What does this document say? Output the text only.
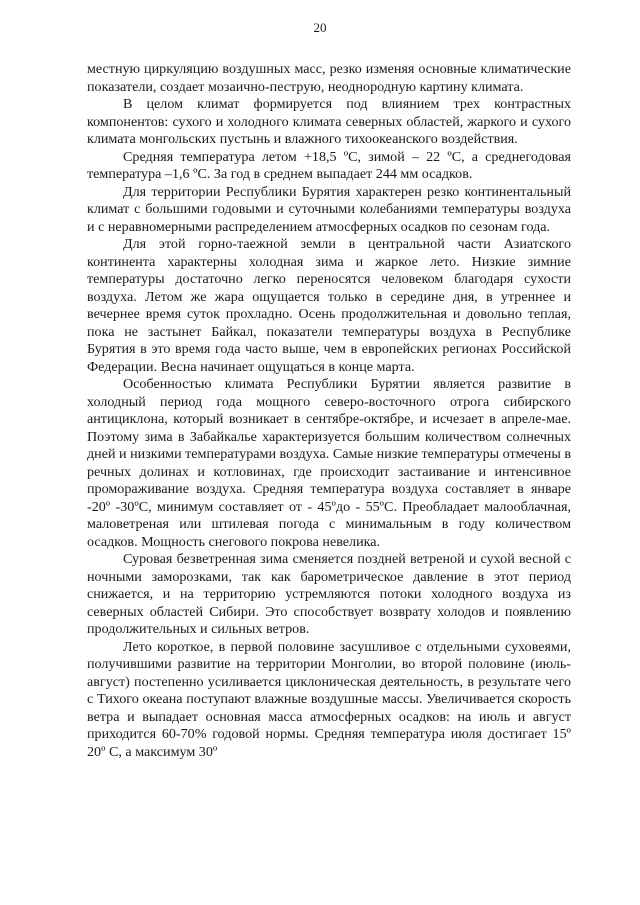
20

местную циркуляцию воздушных масс, резко изменяя основные климатические показатели, создает мозаично-пеструю, неоднородную картину климата.

В целом климат формируется под влиянием трех контрастных компонентов: сухого и холодного климата северных областей, жаркого и сухого климата монгольских пустынь и влажного тихоокеанского воздействия.

Средняя температура летом +18,5 ºС, зимой – 22 ºС, а среднегодовая температура –1,6 ºС. За год в среднем выпадает 244 мм осадков.

Для территории Республики Бурятия характерен резко континентальный климат с большими годовыми и суточными колебаниями температуры воздуха и с неравномерными распределением атмосферных осадков по сезонам года.

Для этой горно-таежной земли в центральной части Азиатского континента характерны холодная зима и жаркое лето. Низкие зимние температуры достаточно легко переносятся человеком благодаря сухости воздуха. Летом же жара ощущается только в середине дня, в утреннее и вечернее время суток прохладно. Осень продолжительная и довольно теплая, пока не застынет Байкал, показатели температуры воздуха в Республике Бурятия в это время года часто выше, чем в европейских регионах Российской Федерации. Весна начинает ощущаться в конце марта.

Особенностью климата Республики Бурятии является развитие в холодный период года мощного северо-восточного отрога сибирского антициклона, который возникает в сентябре-октябре, и исчезает в апреле-мае. Поэтому зима в Забайкалье характеризуется большим количеством солнечных дней и низкими температурами воздуха. Самые низкие температуры отмечены в речных долинах и котловинах, где происходит застаивание и интенсивное промораживание воздуха. Средняя температура воздуха составляет в январе -20º -30ºС, минимум составляет от - 45ºдо - 55ºС. Преобладает малооблачная, маловетреная или штилевая погода с минимальным в году количеством осадков. Мощность снегового покрова невелика.

Суровая безветренная зима сменяется поздней ветреной и сухой весной с ночными заморозками, так как барометрическое давление в этот период снижается, и на территорию устремляются потоки холодного воздуха из северных областей Сибири. Это способствует возврату холодов и появлению продолжительных и сильных ветров.

Лето короткое, в первой половине засушливое с отдельными суховеями, получившими развитие на территории Монголии, во второй половине (июль-август) постепенно усиливается циклоническая деятельность, в результате чего с Тихого океана поступают влажные воздушные массы. Увеличивается скорость ветра и выпадает основная масса атмосферных осадков: на июль и август приходится 60-70% годовой нормы. Средняя температура июля достигает 15º 20º С, а максимум 30º
